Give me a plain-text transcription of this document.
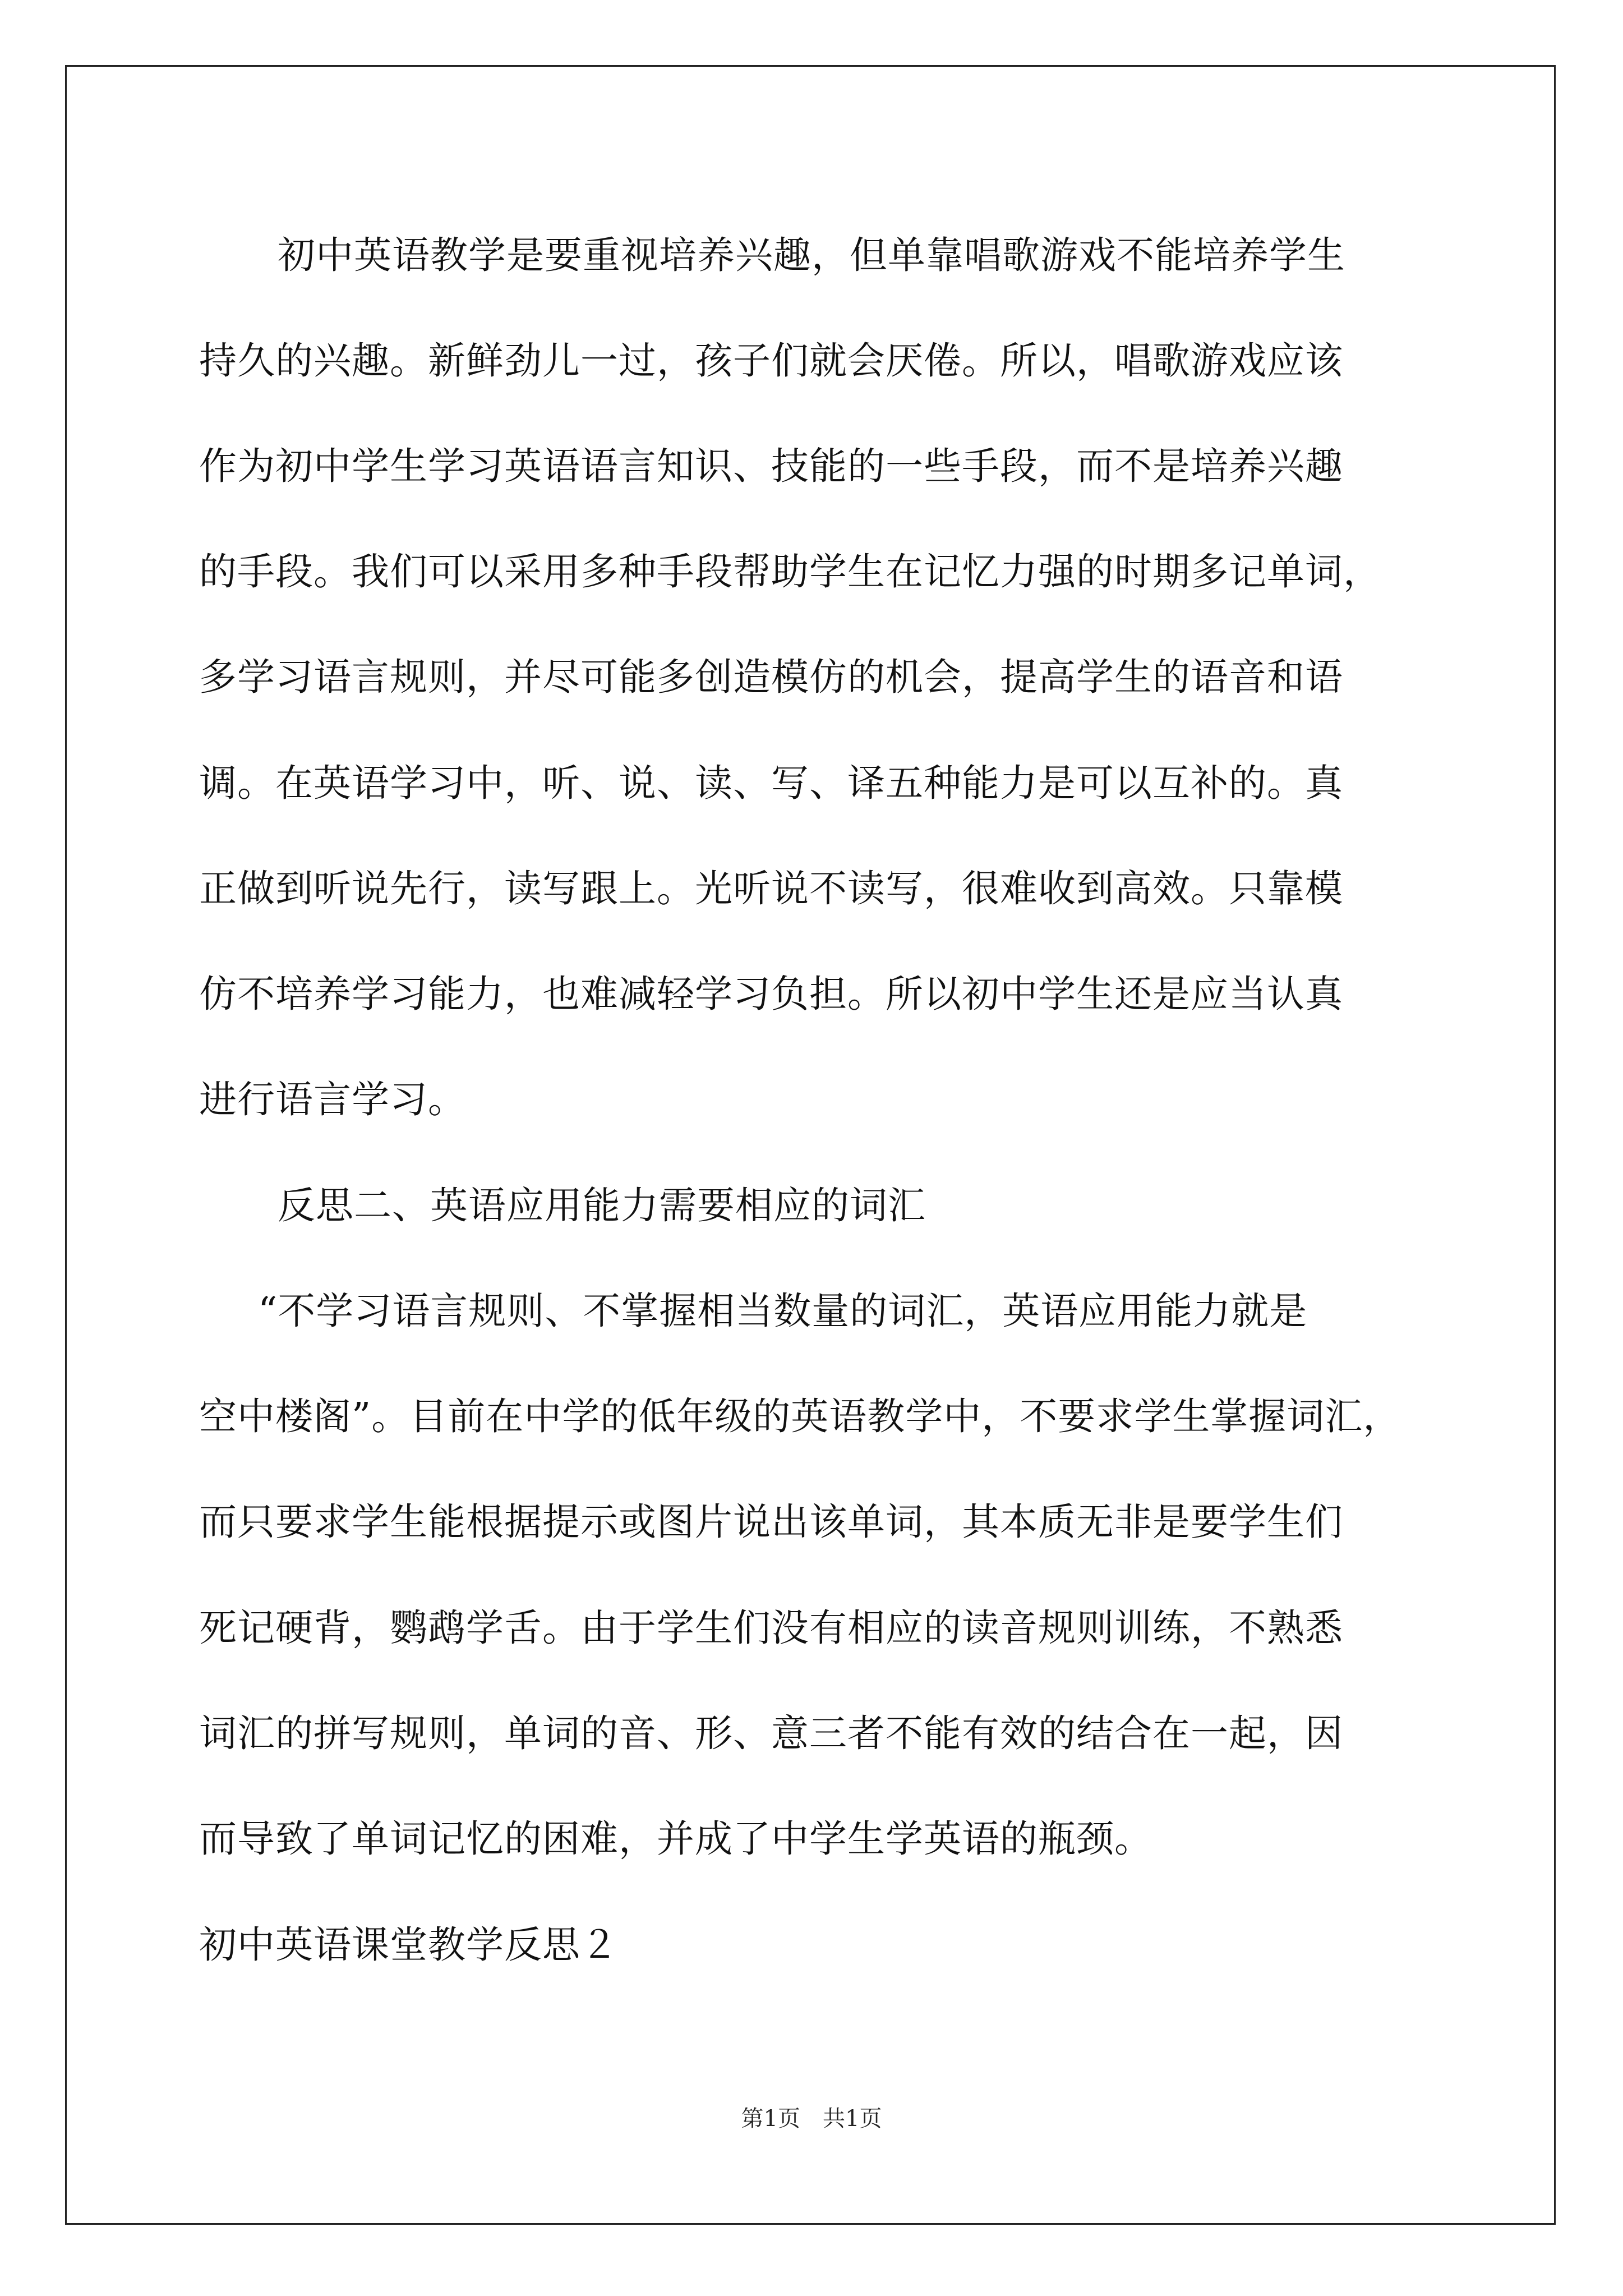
初中英语教学是要重视培养兴趣，但单靠唱歌游戏不能培养学生
持久的兴趣。新鲜劲儿一过，孩子们就会厌倦。所以，唱歌游戏应该
作为初中学生学习英语语言知识、技能的一些手段，而不是培养兴趣
的手段。我们可以采用多种手段帮助学生在记忆力强的时期多记单词，
多学习语言规则，并尽可能多创造模仿的机会，提高学生的语音和语
调。在英语学习中，听、说、读、写、译五种能力是可以互补的。真
正做到听说先行，读写跟上。光听说不读写，很难收到高效。只靠模
仿不培养学习能力，也难减轻学习负担。所以初中学生还是应当认真
进行语言学习。
反思二、英语应用能力需要相应的词汇
“不学习语言规则、不掌握相当数量的词汇，英语应用能力就是
空中楼阁”。目前在中学的低年级的英语教学中，不要求学生掌握词汇，
而只要求学生能根据提示或图片说出该单词，其本质无非是要学生们
死记硬背，鹦鹉学舌。由于学生们没有相应的读音规则训练，不熟悉
词汇的拼写规则，单词的音、形、意三者不能有效的结合在一起，因
而导致了单词记忆的困难，并成了中学生学英语的瓶颈。
初中英语课堂教学反思２
第1页 共1页
